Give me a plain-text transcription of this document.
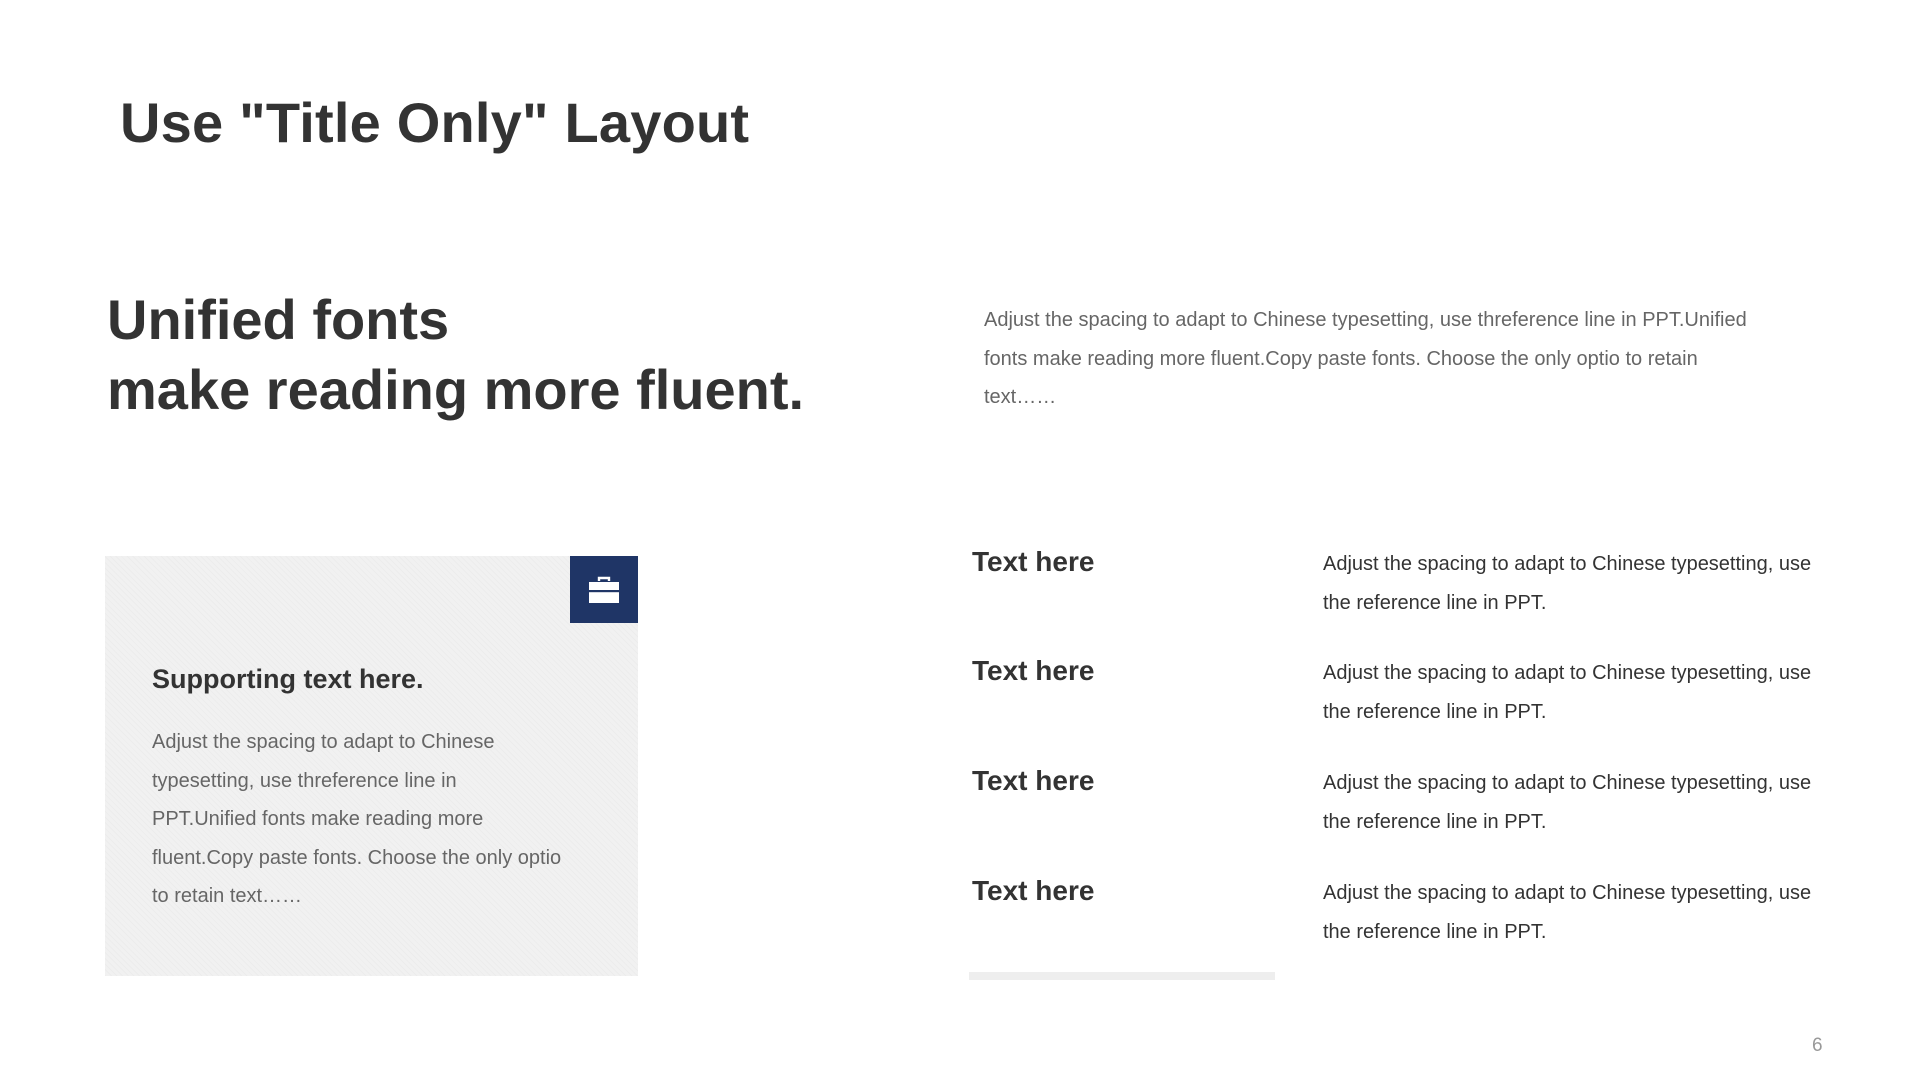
Use "Title Only" Layout
Unified fonts
make reading more fluent.

Adjust the spacing to adapt to Chinese typesetting, use threference line in PPT.Unified fonts make reading more fluent.Copy paste fonts. Choose the only optio to retain text……

Supporting text here.

Adjust the spacing to adapt to Chinese typesetting, use threference line in PPT.Unified fonts make reading more fluent.Copy paste fonts. Choose the only optio to retain text……

Text here	Adjust the spacing to adapt to Chinese typesetting, use the reference line in PPT.

Text here	Adjust the spacing to adapt to Chinese typesetting, use the reference line in PPT.

Text here	Adjust the spacing to adapt to Chinese typesetting, use the reference line in PPT.

Text here	Adjust the spacing to adapt to Chinese typesetting, use the reference line in PPT.

6
